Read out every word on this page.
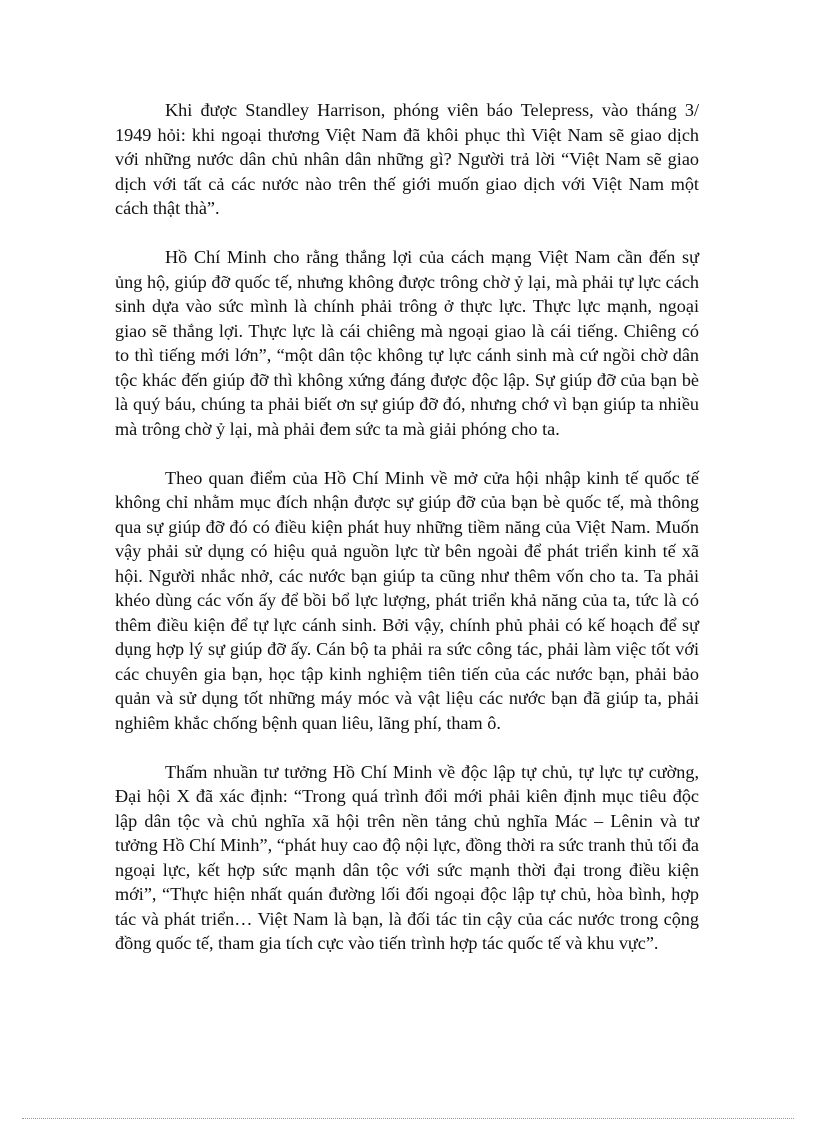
Khi được Standley Harrison, phóng viên báo Telepress, vào tháng 3/ 1949 hỏi: khi ngoại thương Việt Nam đã khôi phục thì Việt Nam sẽ giao dịch với những nước dân chủ nhân dân những gì? Người trả lời “Việt Nam sẽ giao dịch với tất cả các nước nào trên thế giới muốn giao dịch với Việt Nam một cách thật thà”.

Hồ Chí Minh cho rằng thắng lợi của cách mạng Việt Nam cần đến sự ủng hộ, giúp đỡ quốc tế, nhưng không được trông chờ ỷ lại, mà phải tự lực cách sinh dựa vào sức mình là chính phải trông ở thực lực. Thực lực mạnh, ngoại giao sẽ thắng lợi. Thực lực là cái chiêng mà ngoại giao là cái tiếng. Chiêng có to thì tiếng mới lớn”, “một dân tộc không tự lực cánh sinh mà cứ ngồi chờ dân tộc khác đến giúp đỡ thì không xứng đáng được độc lập. Sự giúp đỡ của bạn bè là quý báu, chúng ta phải biết ơn sự giúp đỡ đó, nhưng chớ vì bạn giúp ta nhiều mà trông chờ ỷ lại, mà phải đem sức ta mà giải phóng cho ta.

Theo quan điểm của Hồ Chí Minh về mở cửa hội nhập kinh tế quốc tế không chỉ nhằm mục đích nhận được sự giúp đỡ của bạn bè quốc tế, mà thông qua sự giúp đỡ đó có điều kiện phát huy những tiềm năng của Việt Nam. Muốn vậy phải sử dụng có hiệu quả nguồn lực từ bên ngoài để phát triển kinh tế xã hội. Người nhắc nhở, các nước bạn giúp ta cũng như thêm vốn cho ta. Ta phải khéo dùng các vốn ấy để bồi bổ lực lượng, phát triển khả năng của ta, tức là có thêm điều kiện để tự lực cánh sinh. Bởi vậy, chính phủ phải có kế hoạch để sự dụng hợp lý sự giúp đỡ ấy. Cán bộ ta phải ra sức công tác, phải làm việc tốt với các chuyên gia bạn, học tập kinh nghiệm tiên tiến của các nước bạn, phải bảo quản và sử dụng tốt những máy móc và vật liệu các nước bạn đã giúp ta, phải nghiêm khắc chống bệnh quan liêu, lãng phí, tham ô.

Thấm nhuần tư tưởng Hồ Chí Minh về độc lập tự chủ, tự lực tự cường, Đại hội X đã xác định: “Trong quá trình đổi mới phải kiên định mục tiêu độc lập dân tộc và chủ nghĩa xã hội trên nền tảng chủ nghĩa Mác – Lênin và tư tưởng Hồ Chí Minh”, “phát huy cao độ nội lực, đồng thời ra sức tranh thủ tối đa ngoại lực, kết hợp sức mạnh dân tộc với sức mạnh thời đại trong điều kiện mới”, “Thực hiện nhất quán đường lối đối ngoại độc lập tự chủ, hòa bình, hợp tác và phát triển… Việt Nam là bạn, là đối tác tin cậy của các nước trong cộng đồng quốc tế, tham gia tích cực vào tiến trình hợp tác quốc tế và khu vực”.
